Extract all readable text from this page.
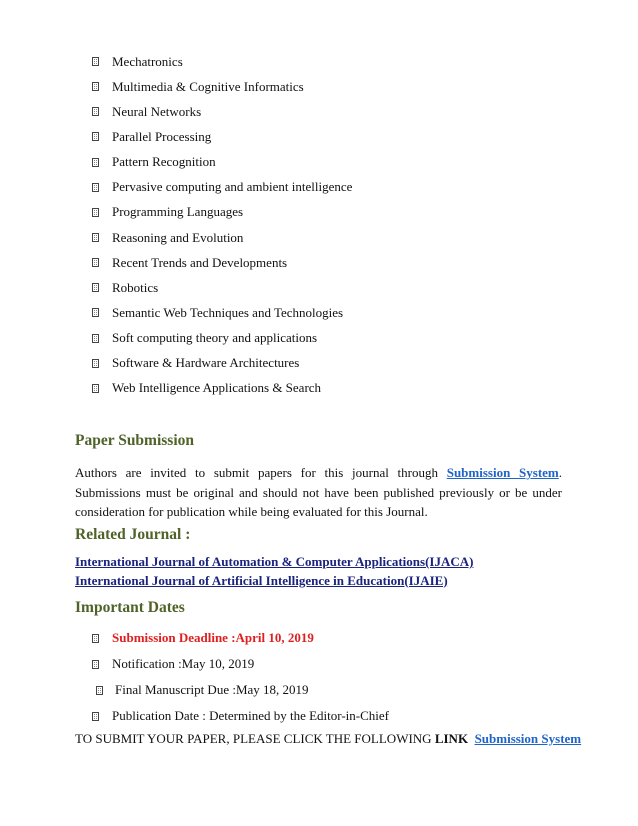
Mechatronics
Multimedia & Cognitive Informatics
Neural Networks
Parallel Processing
Pattern Recognition
Pervasive computing and ambient intelligence
Programming Languages
Reasoning and Evolution
Recent Trends and Developments
Robotics
Semantic Web Techniques and Technologies
Soft computing theory and applications
Software & Hardware Architectures
Web Intelligence Applications & Search
Paper Submission
Authors are invited to submit papers for this journal through Submission System. Submissions must be original and should not have been published previously or be under consideration for publication while being evaluated for this Journal.
Related Journal :
International Journal of Automation & Computer Applications(IJACA)
International Journal of Artificial Intelligence in Education(IJAIE)
Important Dates
Submission Deadline :April 10, 2019
Notification :May 10, 2019
Final Manuscript Due :May 18, 2019
Publication Date : Determined by the Editor-in-Chief
TO SUBMIT YOUR PAPER, PLEASE CLICK THE FOLLOWING LINK Submission System
